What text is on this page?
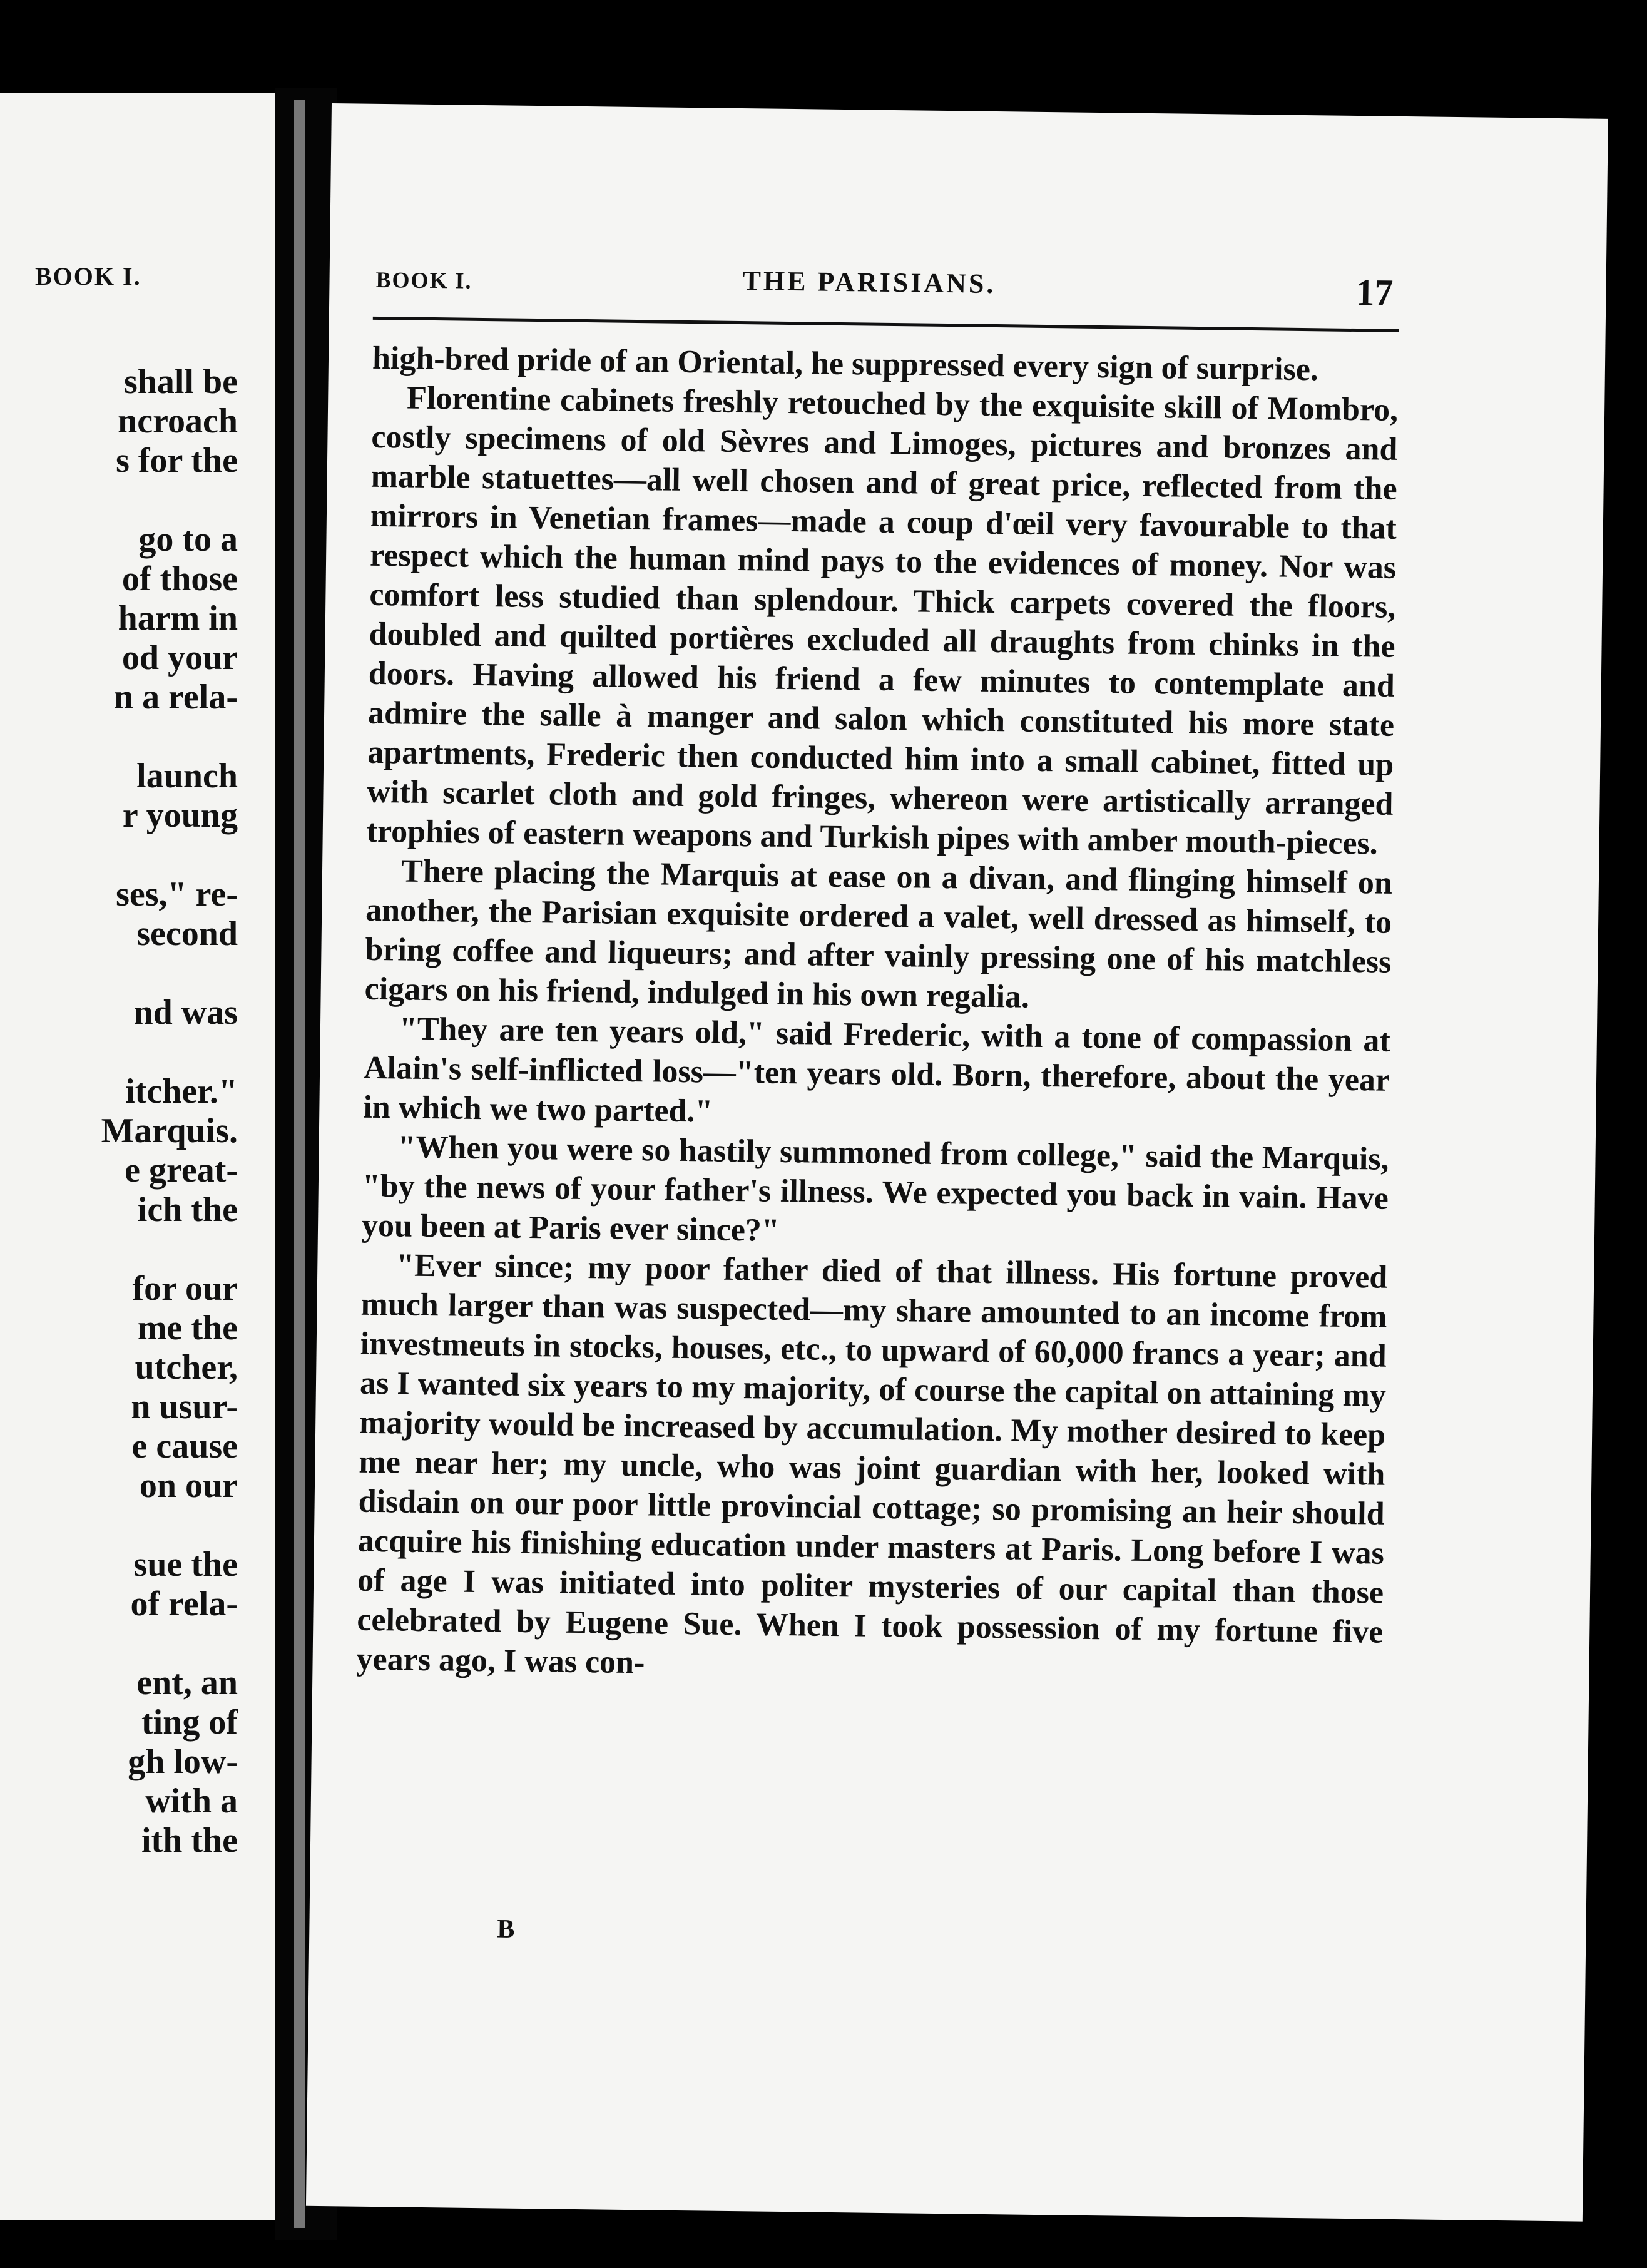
BOOK I.
shall be
ncroach
s for the
go to a
of those
harm in
od your
n a rela-
launch
r young
ses," re-
second
nd was
itcher."
Marquis.
e great-
ich the
for our
me the
utcher,
n usur-
e cause
on our
sue the
of rela-
ent, an
ting of
gh low-
with a
ith the
BOOK I.	THE PARISIANS.	17

high-bred pride of an Oriental, he suppressed every sign of surprise.

Florentine cabinets freshly retouched by the exquisite skill of Mombro, costly specimens of old Sèvres and Limoges, pictures and bronzes and marble statuettes—all well chosen and of great price, reflected from the mirrors in Venetian frames—made a coup d'œil very favourable to that respect which the human mind pays to the evidences of money. Nor was comfort less studied than splendour. Thick carpets covered the floors, doubled and quilted portières excluded all draughts from chinks in the doors. Having allowed his friend a few minutes to contemplate and admire the salle à manger and salon which constituted his more state apartments, Frederic then conducted him into a small cabinet, fitted up with scarlet cloth and gold fringes, whereon were artistically arranged trophies of eastern weapons and Turkish pipes with amber mouth-pieces.

There placing the Marquis at ease on a divan, and flinging himself on another, the Parisian exquisite ordered a valet, well dressed as himself, to bring coffee and liqueurs; and after vainly pressing one of his matchless cigars on his friend, indulged in his own regalia.

"They are ten years old," said Frederic, with a tone of compassion at Alain's self-inflicted loss—"ten years old. Born, therefore, about the year in which we two parted."

"When you were so hastily summoned from college," said the Marquis, "by the news of your father's illness. We expected you back in vain. Have you been at Paris ever since?"

"Ever since; my poor father died of that illness. His fortune proved much larger than was suspected—my share amounted to an income from investmeuts in stocks, houses, etc., to upward of 60,000 francs a year; and as I wanted six years to my majority, of course the capital on attaining my majority would be increased by accumulation. My mother desired to keep me near her; my uncle, who was joint guardian with her, looked with disdain on our poor little provincial cottage; so promising an heir should acquire his finishing education under masters at Paris. Long before I was of age I was initiated into politer mysteries of our capital than those celebrated by Eugene Sue. When I took possession of my fortune five years ago, I was con-

B
